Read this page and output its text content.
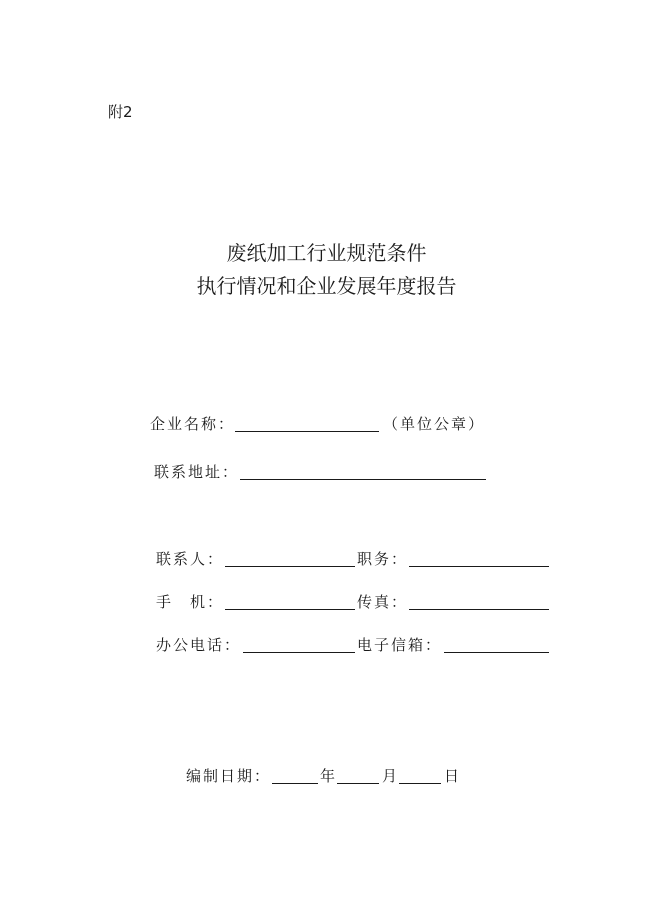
附2
废纸加工行业规范条件
执行情况和企业发展年度报告
企业名称：	（单位公章）
联系地址：
联系人：	职务：
手　机：	传真：
办公电话：	电子信箱：
编制日期：	年	月	日
